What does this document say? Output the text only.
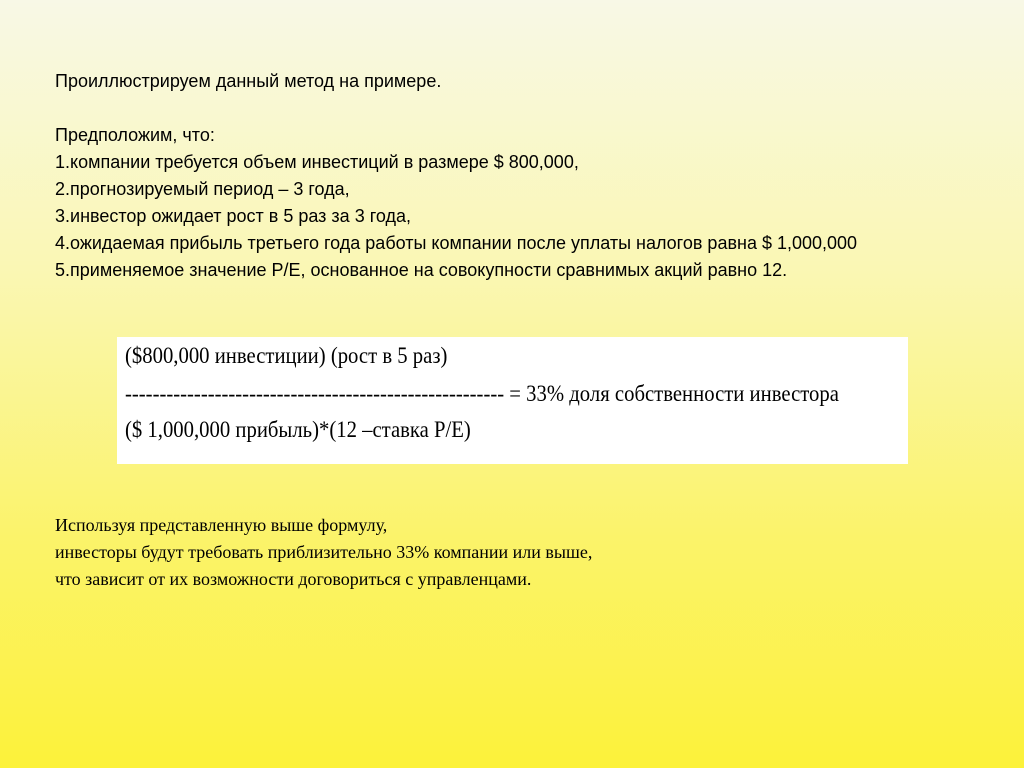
Проиллюстрируем данный метод на примере.
Предположим, что:
1.компании требуется объем инвестиций в размере $ 800,000,
2.прогнозируемый период – 3 года,
3.инвестор ожидает рост в 5 раз за 3 года,
4.ожидаемая прибыль третьего года работы компании после уплаты налогов равна $ 1,000,000
5.применяемое значение Р/Е, основанное на совокупности сравнимых акций равно 12.
($800,000 инвестиции) (рост в 5 раз)
------------------------------------------------------- = 33% доля собственности инвестора
($ 1,000,000 прибыль)*(12 –ставка Р/Е)
Используя представленную выше формулу,
инвесторы будут требовать приблизительно 33% компании или выше,
что зависит от их возможности договориться с управленцами.
